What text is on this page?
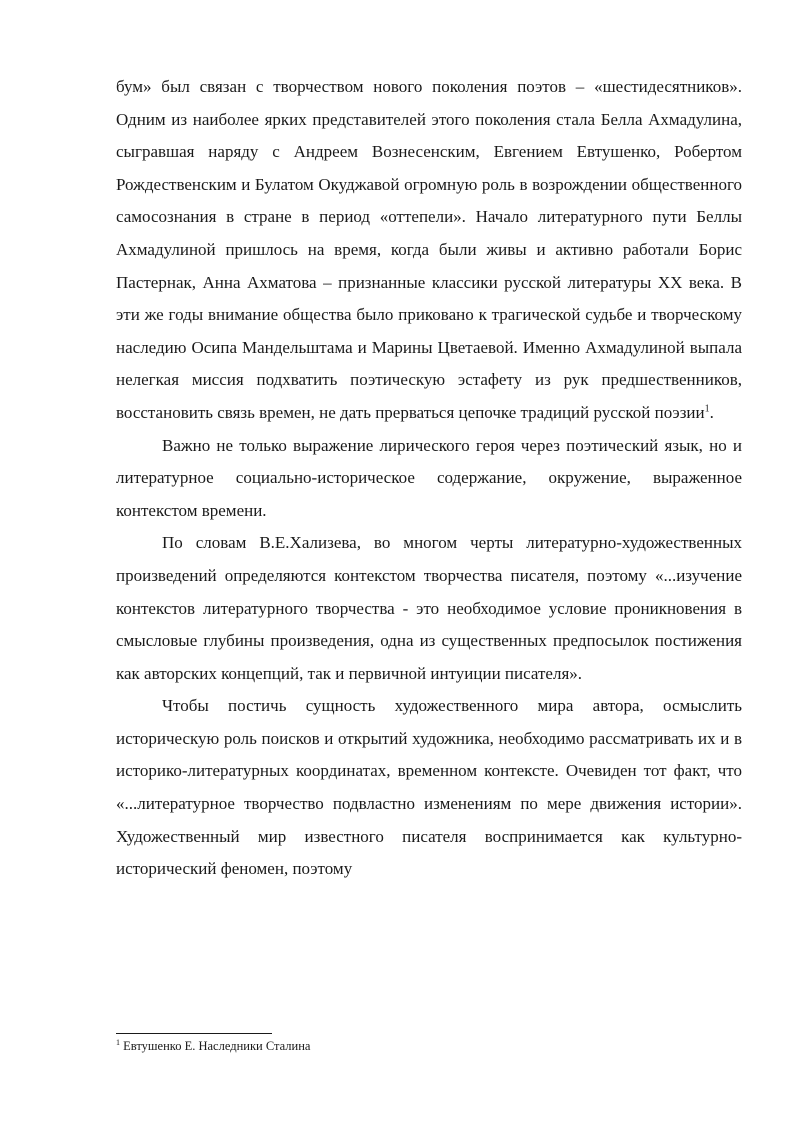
бум» был связан с творчеством нового поколения поэтов – «шестидесятников». Одним из наиболее ярких представителей этого поколения стала Белла Ахмадулина, сыгравшая наряду с Андреем Вознесенским, Евгением Евтушенко, Робертом Рождественским и Булатом Окуджавой огромную роль в возрождении общественного самосознания в стране в период «оттепели». Начало литературного пути Беллы Ахмадулиной пришлось на время, когда были живы и активно работали Борис Пастернак, Анна Ахматова – признанные классики русской литературы XX века. В эти же годы внимание общества было приковано к трагической судьбе и творческому наследию Осипа Мандельштама и Марины Цветаевой. Именно Ахмадулиной выпала нелегкая миссия подхватить поэтическую эстафету из рук предшественников, восстановить связь времен, не дать прерваться цепочке традиций русской поэзии$^1$.

Важно не только выражение лирического героя через поэтический язык, но и литературное социально-историческое содержание, окружение, выраженное контекстом времени.

По словам В.Е.Хализева, во многом черты литературно-художественных произведений определяются контекстом творчества писателя, поэтому «...изучение контекстов литературного творчества - это необходимое условие проникновения в смысловые глубины произведения, одна из существенных предпосылок постижения как авторских концепций, так и первичной интуиции писателя».

Чтобы постичь сущность художественного мира автора, осмыслить историческую роль поисков и открытий художника, необходимо рассматривать их и в историко-литературных координатах, временном контексте. Очевиден тот факт, что «...литературное творчество подвластно изменениям по мере движения истории». Художественный мир известного писателя воспринимается как культурно-исторический феномен, поэтому

$^1$ Евтушенко Е. Наследники Сталина
